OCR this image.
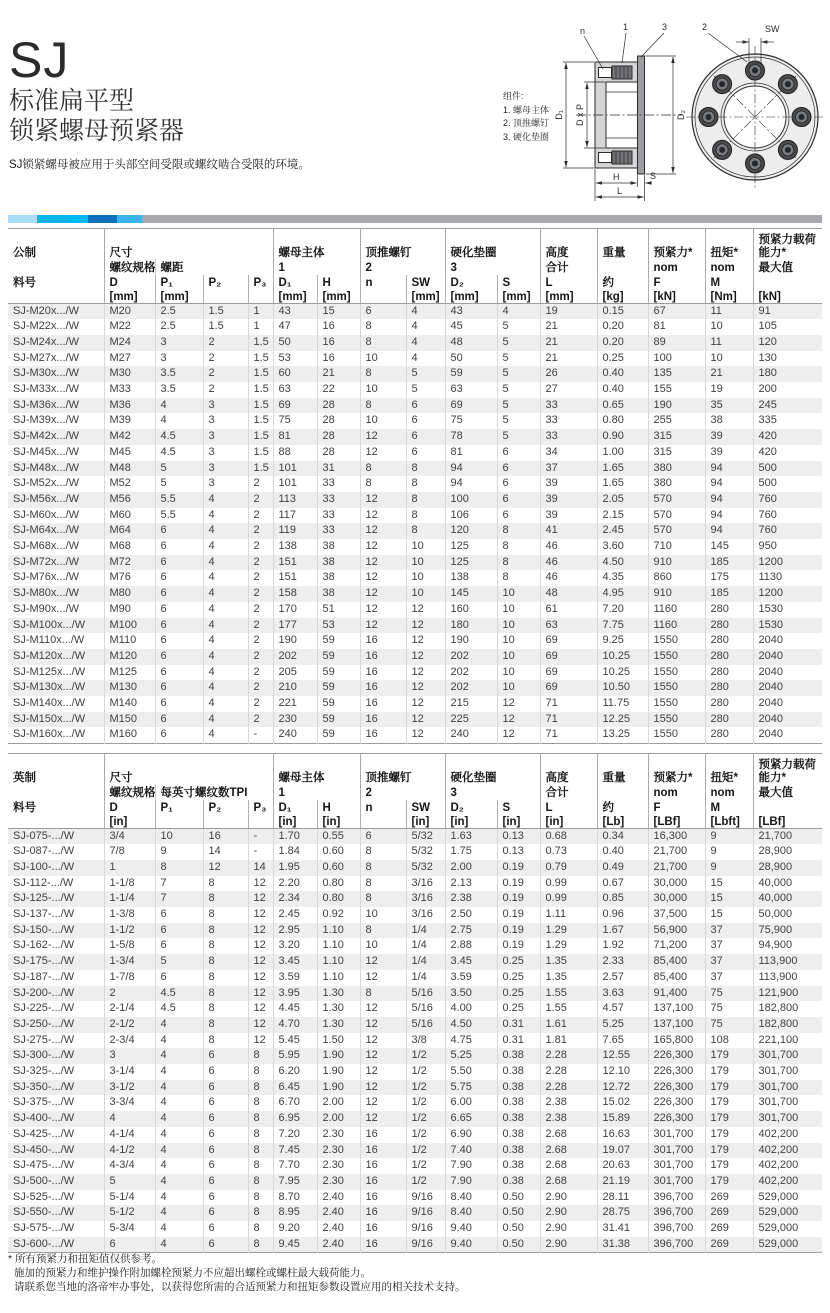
SJ
标准扁平型
锁紧螺母预紧器
SJ锁紧螺母被应用于头部空间受限或螺纹啮合受限的环境。
组件:
1. 螺母主体
2. 顶推螺钉
3. 硬化垫圈
n	1	3
D₁ D x P	D₂
H	S
L
2	SW
公制	尺寸				螺母主体		顶推螺钉		硬化垫圈		高度	重量	预紧力*	扭矩*	预紧力载荷能力*
	螺纹规格	螺距			1		2		3		合计		nom	nom	最大值
料号	D	P₁	P₂	P₃	D₁	H	n	SW	D₂	S	L	约	F	M	
	[mm]	[mm]			[mm]	[mm]		[mm]	[mm]	[mm]	[mm]	[kg]	[kN]	[Nm]	[kN]
SJ-M20x.../W	M20	2.5	1.5	1	43	15	6	4	43	4	19	0.15	67	11	91
SJ-M22x.../W	M22	2.5	1.5	1	47	16	8	4	45	5	21	0.20	81	10	105
SJ-M24x.../W	M24	3	2	1.5	50	16	8	4	48	5	21	0.20	89	11	120
SJ-M27x.../W	M27	3	2	1.5	53	16	10	4	50	5	21	0.25	100	10	130
SJ-M30x.../W	M30	3.5	2	1.5	60	21	8	5	59	5	26	0.40	135	21	180
SJ-M33x.../W	M33	3.5	2	1.5	63	22	10	5	63	5	27	0.40	155	19	200
SJ-M36x.../W	M36	4	3	1.5	69	28	8	6	69	5	33	0.65	190	35	245
SJ-M39x.../W	M39	4	3	1.5	75	28	10	6	75	5	33	0.80	255	38	335
SJ-M42x.../W	M42	4.5	3	1.5	81	28	12	6	78	5	33	0.90	315	39	420
SJ-M45x.../W	M45	4.5	3	1.5	88	28	12	6	81	6	34	1.00	315	39	420
SJ-M48x.../W	M48	5	3	1.5	101	31	8	8	94	6	37	1.65	380	94	500
SJ-M52x.../W	M52	5	3	2	101	33	8	8	94	6	39	1.65	380	94	500
SJ-M56x.../W	M56	5.5	4	2	113	33	12	8	100	6	39	2.05	570	94	760
SJ-M60x.../W	M60	5.5	4	2	117	33	12	8	106	6	39	2.15	570	94	760
SJ-M64x.../W	M64	6	4	2	119	33	12	8	120	8	41	2.45	570	94	760
SJ-M68x.../W	M68	6	4	2	138	38	12	10	125	8	46	3.60	710	145	950
SJ-M72x.../W	M72	6	4	2	151	38	12	10	125	8	46	4.50	910	185	1200
SJ-M76x.../W	M76	6	4	2	151	38	12	10	138	8	46	4.35	860	175	1130
SJ-M80x.../W	M80	6	4	2	158	38	12	10	145	10	48	4.95	910	185	1200
SJ-M90x.../W	M90	6	4	2	170	51	12	12	160	10	61	7.20	1160	280	1530
SJ-M100x.../W	M100	6	4	2	177	53	12	12	180	10	63	7.75	1160	280	1530
SJ-M110x.../W	M110	6	4	2	190	59	16	12	190	10	69	9.25	1550	280	2040
SJ-M120x.../W	M120	6	4	2	202	59	16	12	202	10	69	10.25	1550	280	2040
SJ-M125x.../W	M125	6	4	2	205	59	16	12	202	10	69	10.25	1550	280	2040
SJ-M130x.../W	M130	6	4	2	210	59	16	12	202	10	69	10.50	1550	280	2040
SJ-M140x.../W	M140	6	4	2	221	59	16	12	215	12	71	11.75	1550	280	2040
SJ-M150x.../W	M150	6	4	2	230	59	16	12	225	12	71	12.25	1550	280	2040
SJ-M160x.../W	M160	6	4	-	240	59	16	12	240	12	71	13.25	1550	280	2040
英制	尺寸				螺母主体		顶推螺钉		硬化垫圈		高度	重量	预紧力*	扭矩*	预紧力载荷能力*
	螺纹规格	每英寸螺纹数TPI			1		2		3		合计		nom	nom	最大值
料号	D	P₁	P₂	P₃	D₁	H	n	SW	D₂	S	L	约	F	M	
	[in]				[in]	[in]		[in]	[in]	[in]	[in]	[Lb]	[LBf]	[Lbft]	[LBf]
SJ-075-.../W	3/4	10	16	-	1.70	0.55	6	5/32	1.63	0.13	0.68	0.34	16,300	9	21,700
SJ-087-.../W	7/8	9	14	-	1.84	0.60	8	5/32	1.75	0.13	0.73	0.40	21,700	9	28,900
SJ-100-.../W	1	8	12	14	1.95	0.60	8	5/32	2.00	0.19	0.79	0.49	21,700	9	28,900
SJ-112-.../W	1-1/8	7	8	12	2.20	0.80	8	3/16	2.13	0.19	0.99	0.67	30,000	15	40,000
SJ-125-.../W	1-1/4	7	8	12	2.34	0.80	8	3/16	2.38	0.19	0.99	0.85	30,000	15	40,000
SJ-137-.../W	1-3/8	6	8	12	2.45	0.92	10	3/16	2.50	0.19	1.11	0.96	37,500	15	50,000
SJ-150-.../W	1-1/2	6	8	12	2.95	1.10	8	1/4	2.75	0.19	1.29	1.67	56,900	37	75,900
SJ-162-.../W	1-5/8	6	8	12	3.20	1.10	10	1/4	2.88	0.19	1.29	1.92	71,200	37	94,900
SJ-175-.../W	1-3/4	5	8	12	3.45	1.10	12	1/4	3.45	0.25	1.35	2.33	85,400	37	113,900
SJ-187-.../W	1-7/8	6	8	12	3.59	1.10	12	1/4	3.59	0.25	1.35	2.57	85,400	37	113,900
SJ-200-.../W	2	4.5	8	12	3.95	1.30	8	5/16	3.50	0.25	1.55	3.63	91,400	75	121,900
SJ-225-.../W	2-1/4	4.5	8	12	4.45	1.30	12	5/16	4.00	0.25	1.55	4.57	137,100	75	182,800
SJ-250-.../W	2-1/2	4	8	12	4.70	1.30	12	5/16	4.50	0.31	1.61	5.25	137,100	75	182,800
SJ-275-.../W	2-3/4	4	8	12	5.45	1.50	12	3/8	4.75	0.31	1.81	7.65	165,800	108	221,100
SJ-300-.../W	3	4	6	8	5.95	1.90	12	1/2	5.25	0.38	2.28	12.55	226,300	179	301,700
SJ-325-.../W	3-1/4	4	6	8	6.20	1.90	12	1/2	5.50	0.38	2.28	12.10	226,300	179	301,700
SJ-350-.../W	3-1/2	4	6	8	6.45	1.90	12	1/2	5.75	0.38	2.28	12.72	226,300	179	301,700
SJ-375-.../W	3-3/4	4	6	8	6.70	2.00	12	1/2	6.00	0.38	2.38	15.02	226,300	179	301,700
SJ-400-.../W	4	4	6	8	6.95	2.00	12	1/2	6.65	0.38	2.38	15.89	226,300	179	301,700
SJ-425-.../W	4-1/4	4	6	8	7.20	2.30	16	1/2	6.90	0.38	2.68	16.63	301,700	179	402,200
SJ-450-.../W	4-1/2	4	6	8	7.45	2.30	16	1/2	7.40	0.38	2.68	19.07	301,700	179	402,200
SJ-475-.../W	4-3/4	4	6	8	7.70	2.30	16	1/2	7.90	0.38	2.68	20.63	301,700	179	402,200
SJ-500-.../W	5	4	6	8	7.95	2.30	16	1/2	7.90	0.38	2.68	21.19	301,700	179	402,200
SJ-525-.../W	5-1/4	4	6	8	8.70	2.40	16	9/16	8.40	0.50	2.90	28.11	396,700	269	529,000
SJ-550-.../W	5-1/2	4	6	8	8.95	2.40	16	9/16	8.40	0.50	2.90	28.75	396,700	269	529,000
SJ-575-.../W	5-3/4	4	6	8	9.20	2.40	16	9/16	9.40	0.50	2.90	31.41	396,700	269	529,000
SJ-600-.../W	6	4	6	8	9.45	2.40	16	9/16	9.40	0.50	2.90	31.38	396,700	269	529,000
* 所有预紧力和扭矩值仅供参考。
施加的预紧力和维护操作附加螺栓预紧力不应超出螺栓或螺柱最大载荷能力。
请联系您当地的洛帝牢办事处，以获得您所需的合适预紧力和扭矩参数设置应用的相关技术支持。
